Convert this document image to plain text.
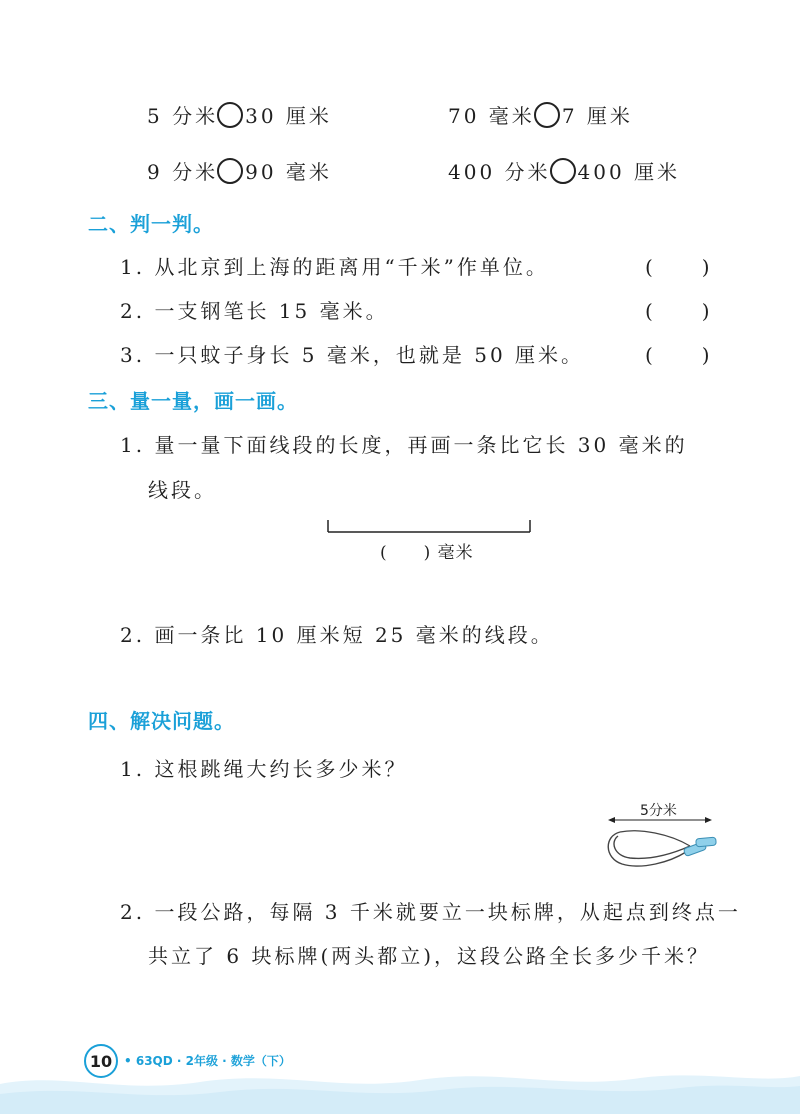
5 分米 30 厘米	70 毫米 7 厘米
9 分米 90 毫米	400 分米 400 厘米
二、判一判。
1. 从北京到上海的距离用“千米”作单位。	(　　)
2. 一支钢笔长 15 毫米。	(　　)
3. 一只蚊子身长 5 毫米，也就是 50 厘米。	(　　)
三、量一量，画一画。
1. 量一量下面线段的长度，再画一条比它长 30 毫米的
线段。
(　　) 毫米
2. 画一条比 10 厘米短 25 毫米的线段。
四、解决问题。
1. 这根跳绳大约长多少米？
5分米
2. 一段公路，每隔 3 千米就要立一块标牌，从起点到终点一
共立了 6 块标牌(两头都立)，这段公路全长多少千米？
10 • 63QD · 2年级 · 数学（下）
